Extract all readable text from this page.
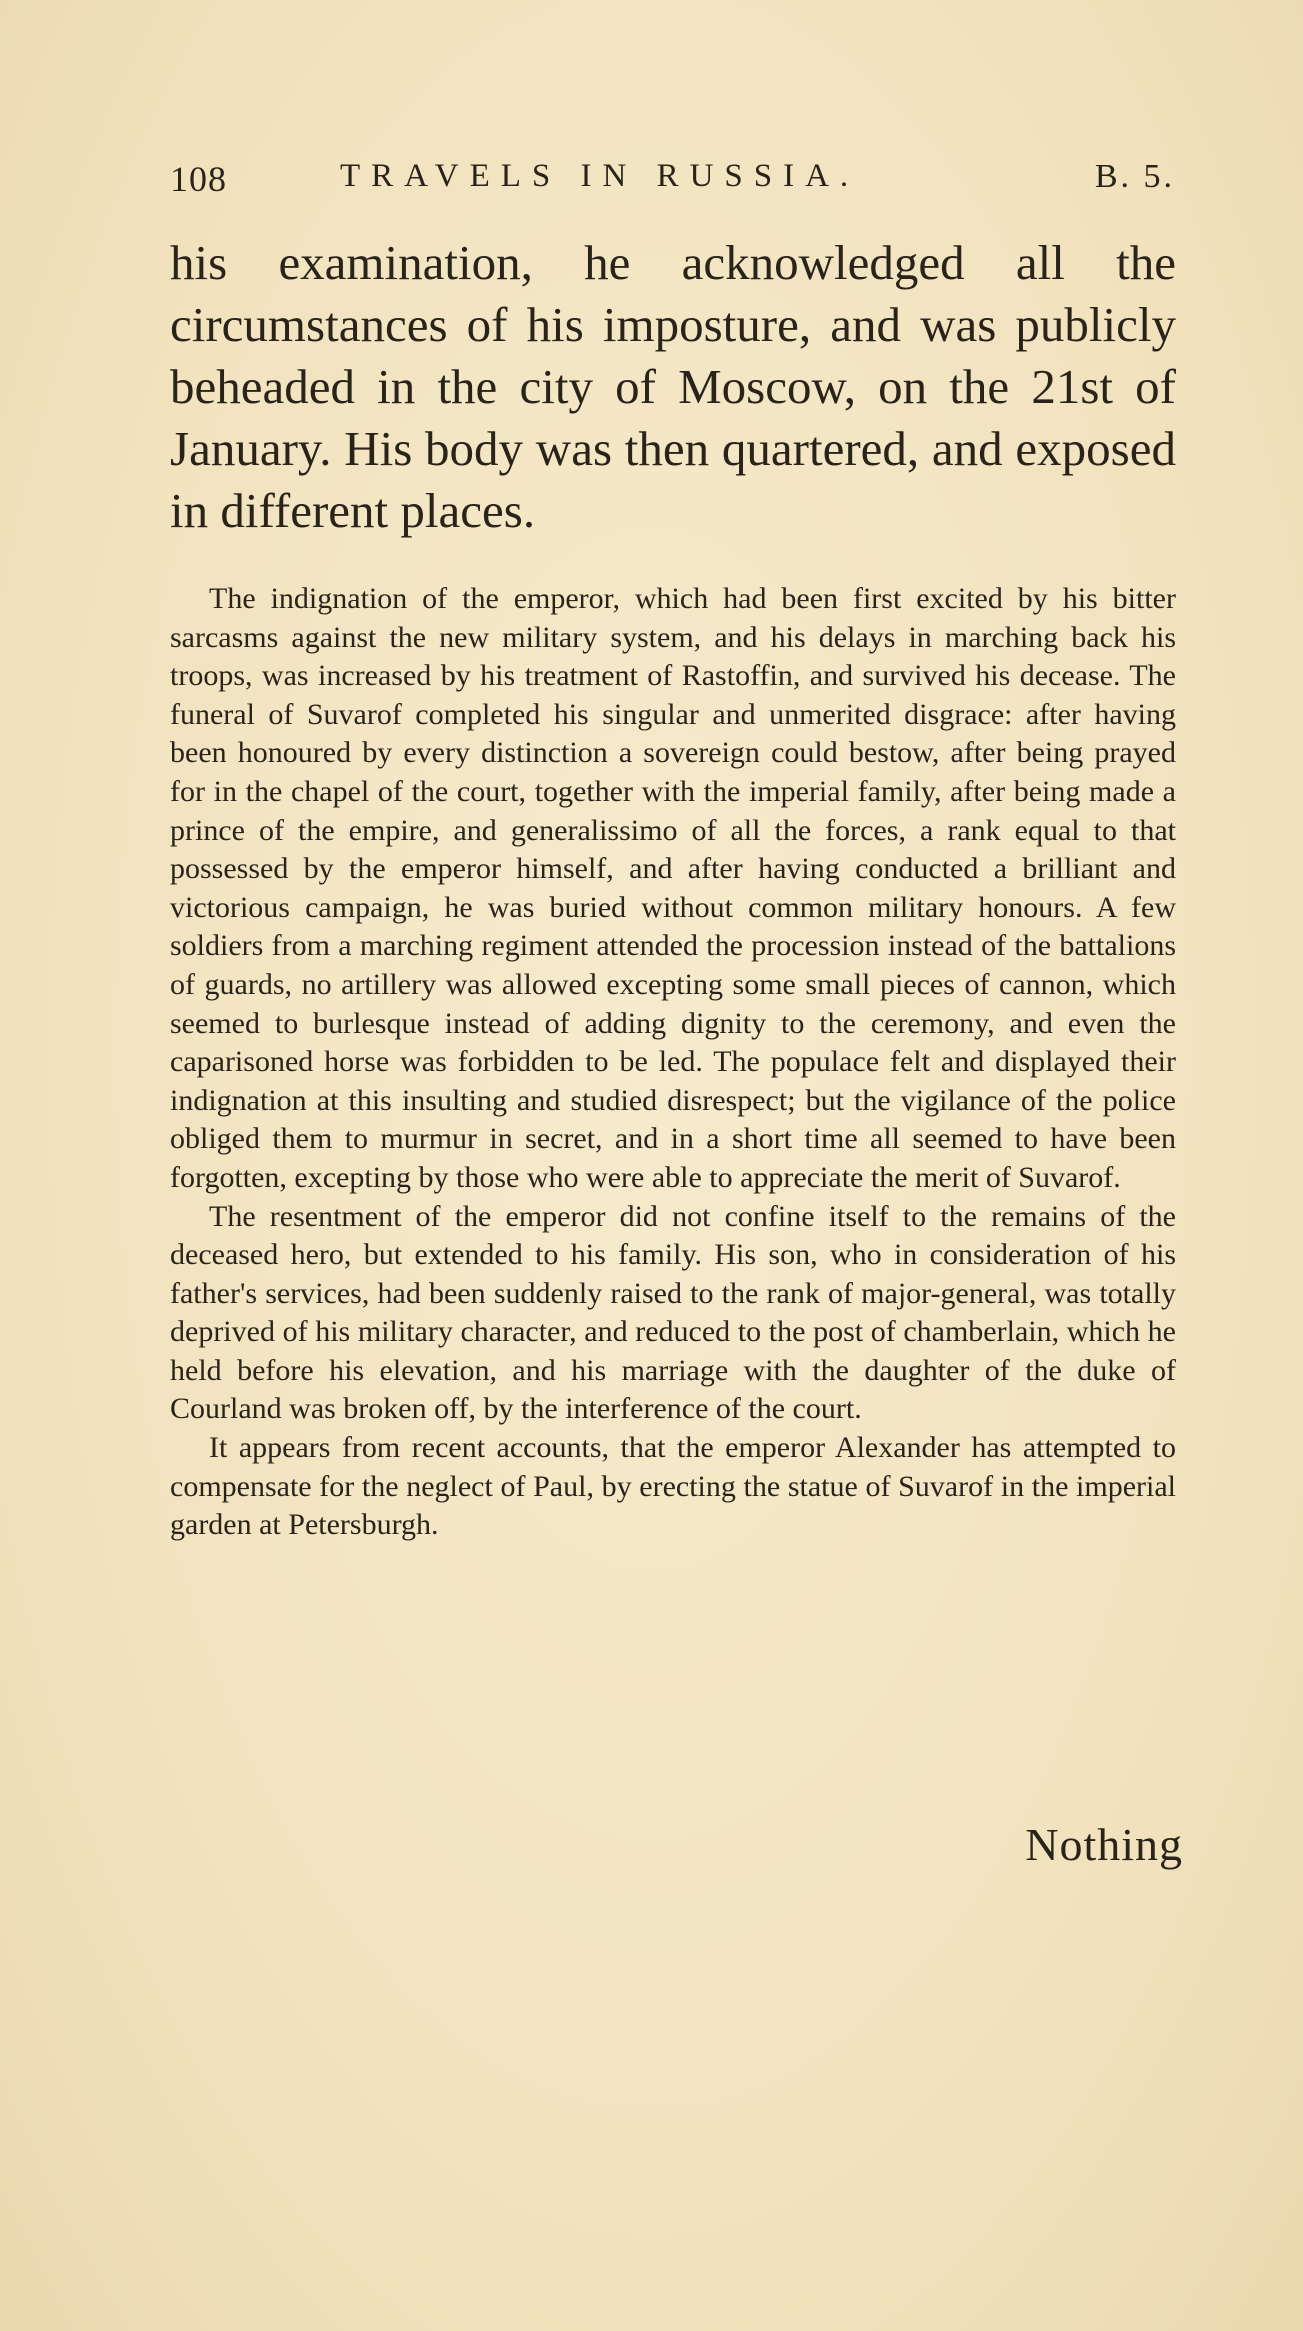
108	TRAVELS IN RUSSIA.	B. 5.

his examination, he acknowledged all the circumstances of his imposture, and was publicly beheaded in the city of Moscow, on the 21st of January. His body was then quartered, and exposed in different places.

The indignation of the emperor, which had been first excited by his bitter sarcasms against the new military system, and his delays in marching back his troops, was increased by his treatment of Rastoffin, and survived his decease. The funeral of Suvarof completed his singular and unmerited disgrace: after having been honoured by every distinction a sovereign could bestow, after being prayed for in the chapel of the court, together with the imperial family, after being made a prince of the empire, and generalissimo of all the forces, a rank equal to that possessed by the emperor himself, and after having conducted a brilliant and victorious campaign, he was buried without common military honours. A few soldiers from a marching regiment attended the procession instead of the battalions of guards, no artillery was allowed excepting some small pieces of cannon, which seemed to burlesque instead of adding dignity to the ceremony, and even the caparisoned horse was forbidden to be led. The populace felt and displayed their indignation at this insulting and studied disrespect; but the vigilance of the police obliged them to murmur in secret, and in a short time all seemed to have been forgotten, excepting by those who were able to appreciate the merit of Suvarof.

The resentment of the emperor did not confine itself to the remains of the deceased hero, but extended to his family. His son, who in consideration of his father's services, had been suddenly raised to the rank of major-general, was totally deprived of his military character, and reduced to the post of chamberlain, which he held before his elevation, and his marriage with the daughter of the duke of Courland was broken off, by the interference of the court.

It appears from recent accounts, that the emperor Alexander has attempted to compensate for the neglect of Paul, by erecting the statue of Suvarof in the imperial garden at Petersburgh.

Nothing
